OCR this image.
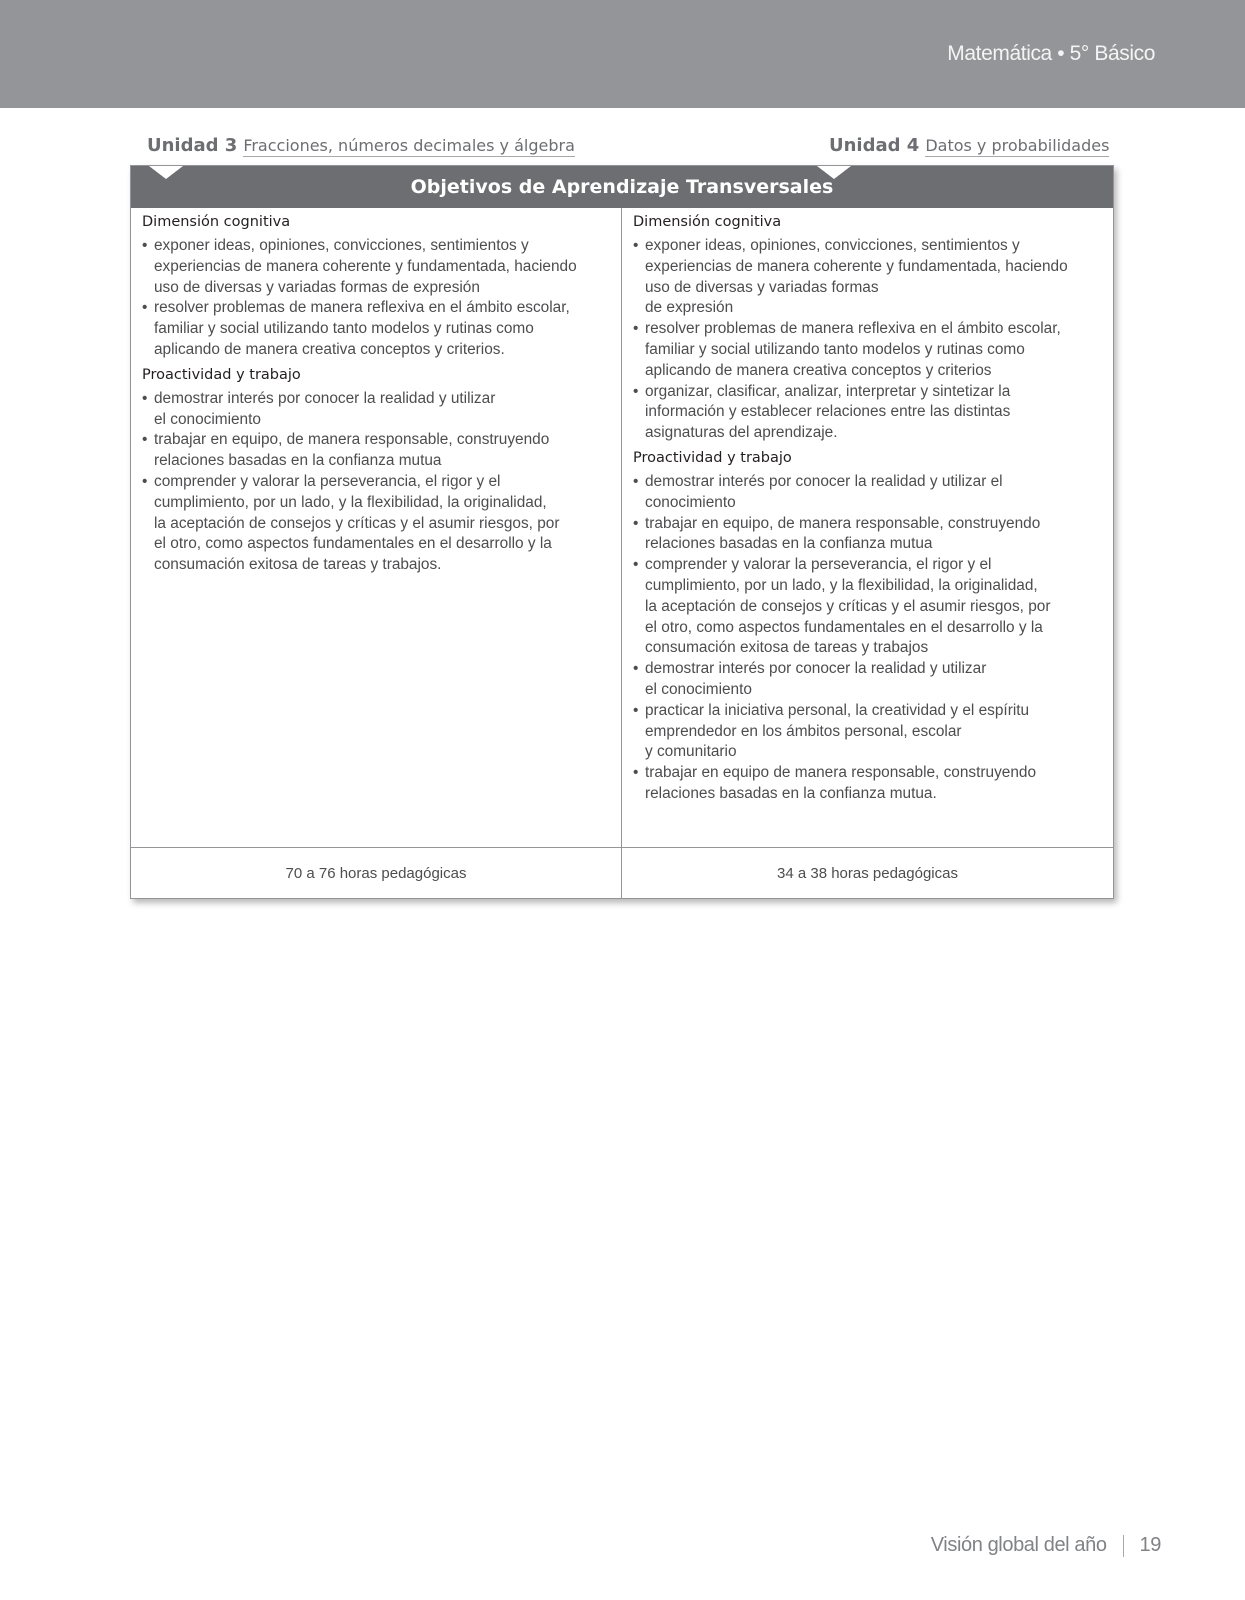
Matemática • 5° Básico
Unidad 3 Fracciones, números decimales y álgebra	Unidad 4 Datos y probabilidades
Objetivos de Aprendizaje Transversales
Dimensión cognitiva
• exponer ideas, opiniones, convicciones, sentimientos y
experiencias de manera coherente y fundamentada, haciendo
uso de diversas y variadas formas de expresión
• resolver problemas de manera reflexiva en el ámbito escolar,
familiar y social utilizando tanto modelos y rutinas como
aplicando de manera creativa conceptos y criterios.
Proactividad y trabajo
• demostrar interés por conocer la realidad y utilizar
el conocimiento
• trabajar en equipo, de manera responsable, construyendo
relaciones basadas en la confianza mutua
• comprender y valorar la perseverancia, el rigor y el
cumplimiento, por un lado, y la flexibilidad, la originalidad,
la aceptación de consejos y críticas y el asumir riesgos, por
el otro, como aspectos fundamentales en el desarrollo y la
consumación exitosa de tareas y trabajos.
Dimensión cognitiva
• exponer ideas, opiniones, convicciones, sentimientos y
experiencias de manera coherente y fundamentada, haciendo
uso de diversas y variadas formas
de expresión
• resolver problemas de manera reflexiva en el ámbito escolar,
familiar y social utilizando tanto modelos y rutinas como
aplicando de manera creativa conceptos y criterios
• organizar, clasificar, analizar, interpretar y sintetizar la
información y establecer relaciones entre las distintas
asignaturas del aprendizaje.
Proactividad y trabajo
• demostrar interés por conocer la realidad y utilizar el
conocimiento
• trabajar en equipo, de manera responsable, construyendo
relaciones basadas en la confianza mutua
• comprender y valorar la perseverancia, el rigor y el
cumplimiento, por un lado, y la flexibilidad, la originalidad,
la aceptación de consejos y críticas y el asumir riesgos, por
el otro, como aspectos fundamentales en el desarrollo y la
consumación exitosa de tareas y trabajos
• demostrar interés por conocer la realidad y utilizar
el conocimiento
• practicar la iniciativa personal, la creatividad y el espíritu
emprendedor en los ámbitos personal, escolar
y comunitario
• trabajar en equipo de manera responsable, construyendo
relaciones basadas en la confianza mutua.
70 a 76 horas pedagógicas	34 a 38 horas pedagógicas
Visión global del año 19
